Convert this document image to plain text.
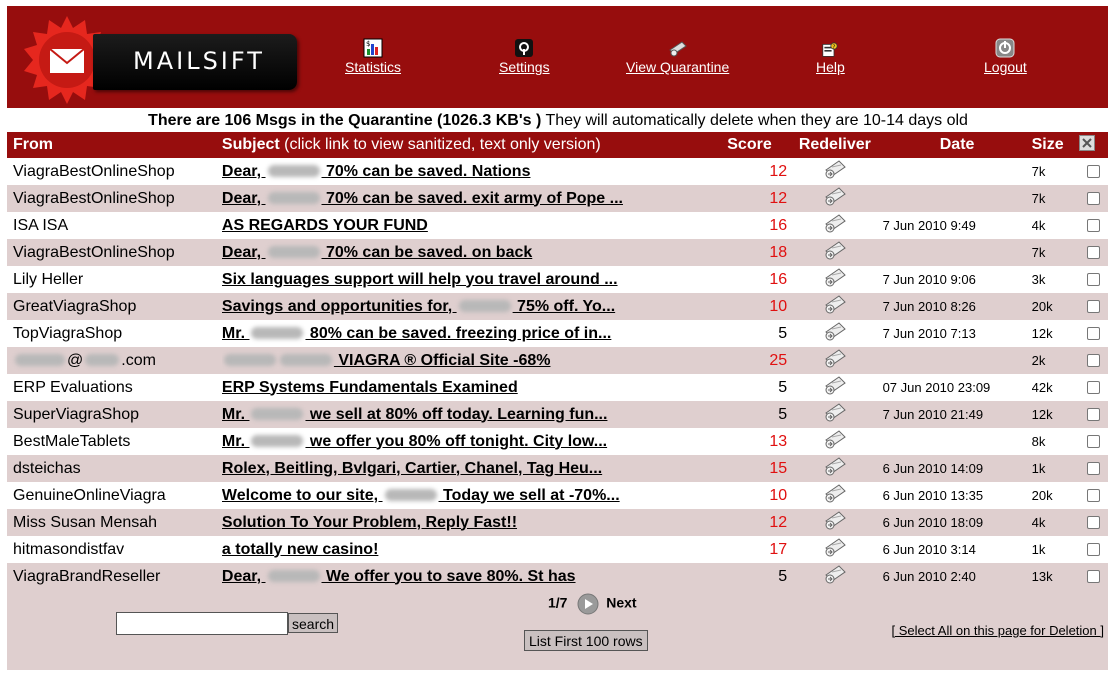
MAILSIFT
$
Statistics	Settings	View Quarantine
?
Help	Logout
There are 106 Msgs in the Quarantine (1026.3 KB's ) They will automatically delete when they are 10-14 days old
From	Subject (click link to view sanitized, text only version)	Score	Redeliver	Date	Size	
ViagraBestOnlineShop	Dear, 70% can be saved. Nations	12			7k	
ViagraBestOnlineShop	Dear, 70% can be saved. exit army of Pope ...	12			7k	
ISA ISA	AS REGARDS YOUR FUND	16		7 Jun 2010 9:49	4k	
ViagraBestOnlineShop	Dear, 70% can be saved. on back	18			7k	
Lily Heller	Six languages support will help you travel around ...	16		7 Jun 2010 9:06	3k	
GreatViagraShop	Savings and opportunities for, 75% off. Yo...	10		7 Jun 2010 8:26	20k	
TopViagraShop	Mr. 80% can be saved. freezing price of in...	5		7 Jun 2010 7:13	12k	
@ .com	VIAGRA ® Official Site -68%	25			2k	
ERP Evaluations	ERP Systems Fundamentals Examined	5		07 Jun 2010 23:09	42k	
SuperViagraShop	Mr. we sell at 80% off today. Learning fun...	5		7 Jun 2010 21:49	12k	
BestMaleTablets	Mr. we offer you 80% off tonight. City low...	13			8k	
dsteichas	Rolex, Beitling, Bvlgari, Cartier, Chanel, Tag Heu...	15		6 Jun 2010 14:09	1k	
GenuineOnlineViagra	Welcome to our site, Today we sell at -70%...	10		6 Jun 2010 13:35	20k	
Miss Susan Mensah	Solution To Your Problem, Reply Fast!!	12		6 Jun 2010 18:09	4k	
hitmasondistfav	a totally new casino!	17		6 Jun 2010 3:14	1k	
ViagraBrandReseller	Dear, We offer you to save 80%. St has	5		6 Jun 2010 2:40	13k	
search
1/7	Next
List First 100 rows
[ Select All on this page for Deletion ]
